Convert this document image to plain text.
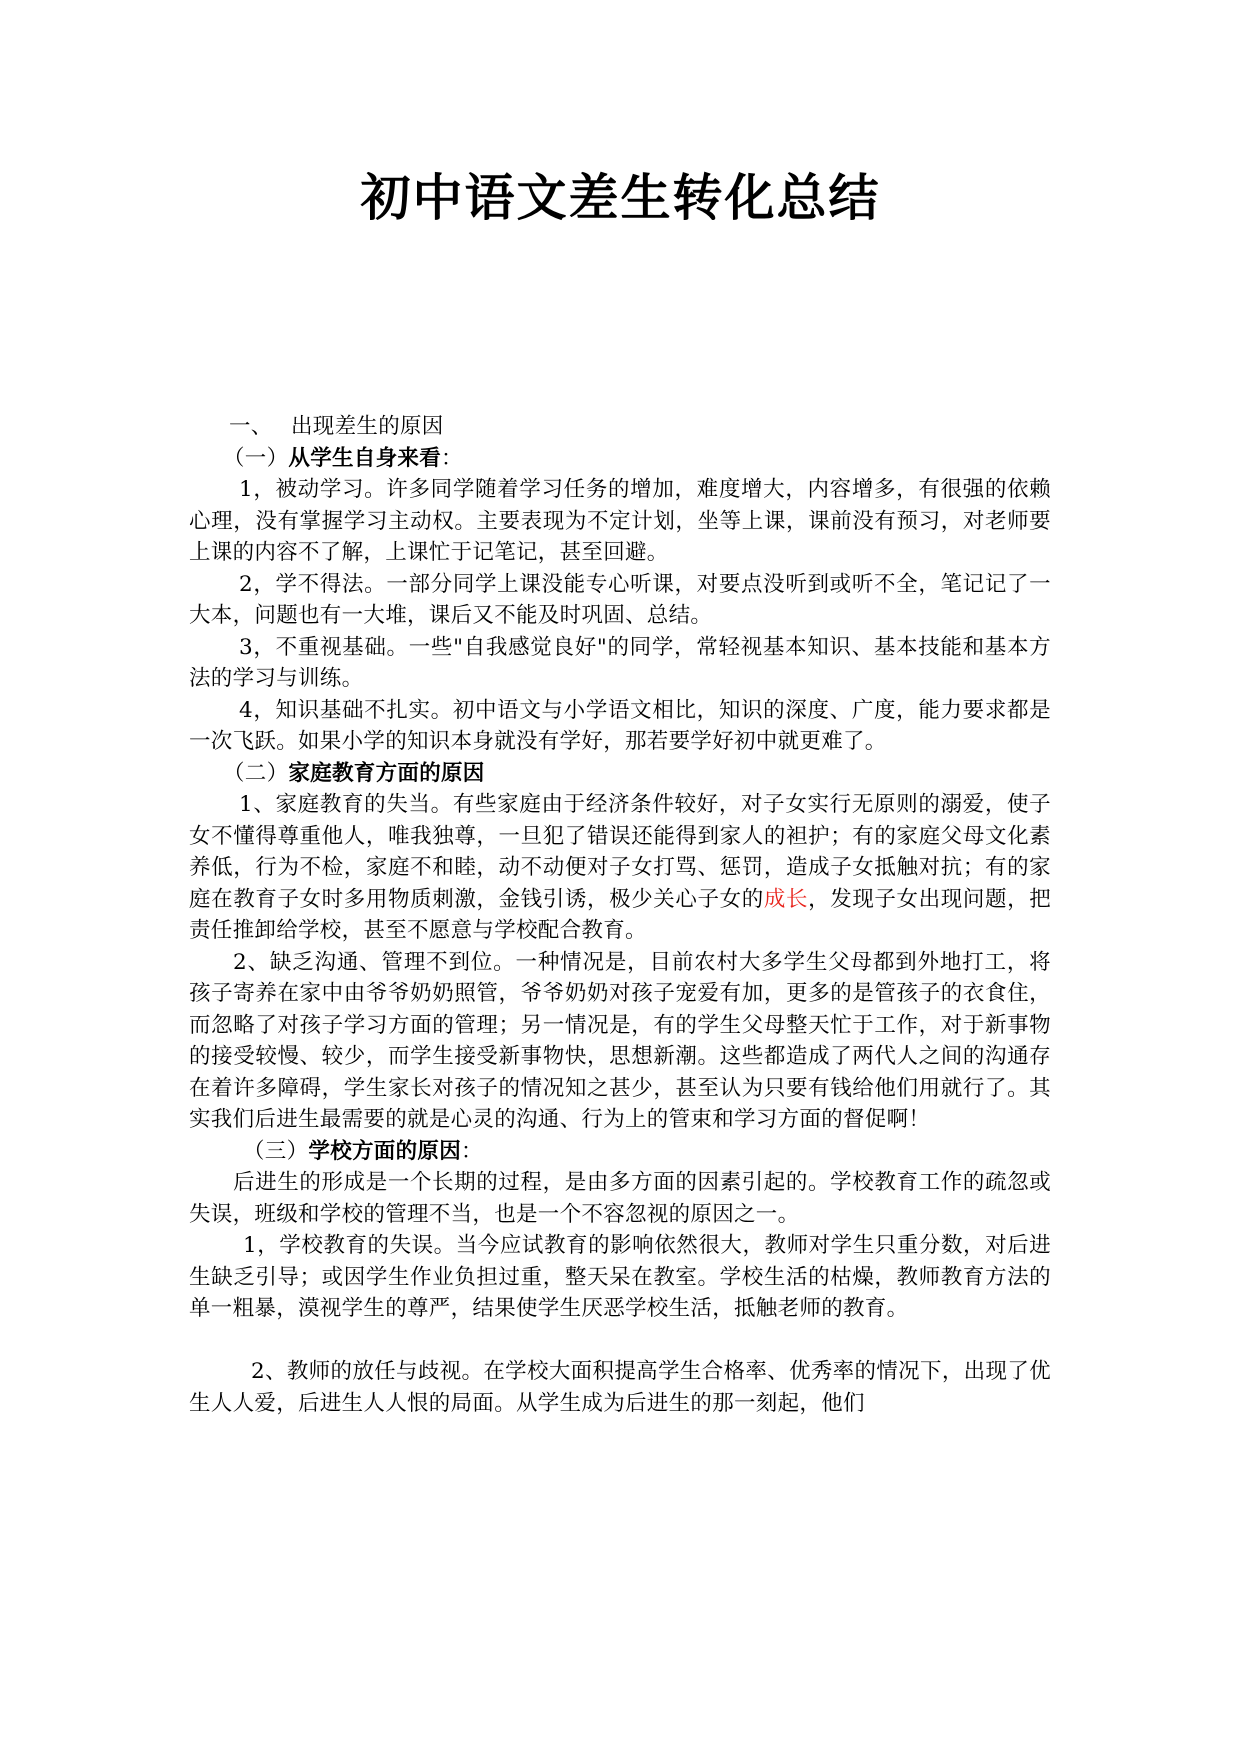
初中语文差生转化总结

一、 出现差生的原因

（一）从学生自身来看：

1，被动学习。许多同学随着学习任务的增加，难度增大，内容增多，有很强的依赖心理，没有掌握学习主动权。主要表现为不定计划，坐等上课，课前没有预习，对老师要上课的内容不了解，上课忙于记笔记，甚至回避。

2，学不得法。一部分同学上课没能专心听课，对要点没听到或听不全，笔记记了一大本，问题也有一大堆，课后又不能及时巩固、总结。

3，不重视基础。一些"自我感觉良好"的同学，常轻视基本知识、基本技能和基本方法的学习与训练。

4，知识基础不扎实。初中语文与小学语文相比，知识的深度、广度，能力要求都是一次飞跃。如果小学的知识本身就没有学好，那若要学好初中就更难了。

（二）家庭教育方面的原因

1、家庭教育的失当。有些家庭由于经济条件较好，对子女实行无原则的溺爱，使子女不懂得尊重他人，唯我独尊，一旦犯了错误还能得到家人的袒护；有的家庭父母文化素养低，行为不检，家庭不和睦，动不动便对子女打骂、惩罚，造成子女抵触对抗；有的家庭在教育子女时多用物质刺激，金钱引诱，极少关心子女的成长，发现子女出现问题，把责任推卸给学校，甚至不愿意与学校配合教育。

2、缺乏沟通、管理不到位。一种情况是，目前农村大多学生父母都到外地打工，将孩子寄养在家中由爷爷奶奶照管，爷爷奶奶对孩子宠爱有加，更多的是管孩子的衣食住，而忽略了对孩子学习方面的管理；另一情况是，有的学生父母整天忙于工作，对于新事物的接受较慢、较少，而学生接受新事物快，思想新潮。这些都造成了两代人之间的沟通存在着许多障碍，学生家长对孩子的情况知之甚少，甚至认为只要有钱给他们用就行了。其实我们后进生最需要的就是心灵的沟通、行为上的管束和学习方面的督促啊！

（三）学校方面的原因：

后进生的形成是一个长期的过程，是由多方面的因素引起的。学校教育工作的疏忽或失误，班级和学校的管理不当，也是一个不容忽视的原因之一。

1，学校教育的失误。当今应试教育的影响依然很大，教师对学生只重分数，对后进生缺乏引导；或因学生作业负担过重，整天呆在教室。学校生活的枯燥，教师教育方法的单一粗暴，漠视学生的尊严，结果使学生厌恶学校生活，抵触老师的教育。

2、教师的放任与歧视。在学校大面积提高学生合格率、优秀率的情况下，出现了优生人人爱，后进生人人恨的局面。从学生成为后进生的那一刻起，他们
